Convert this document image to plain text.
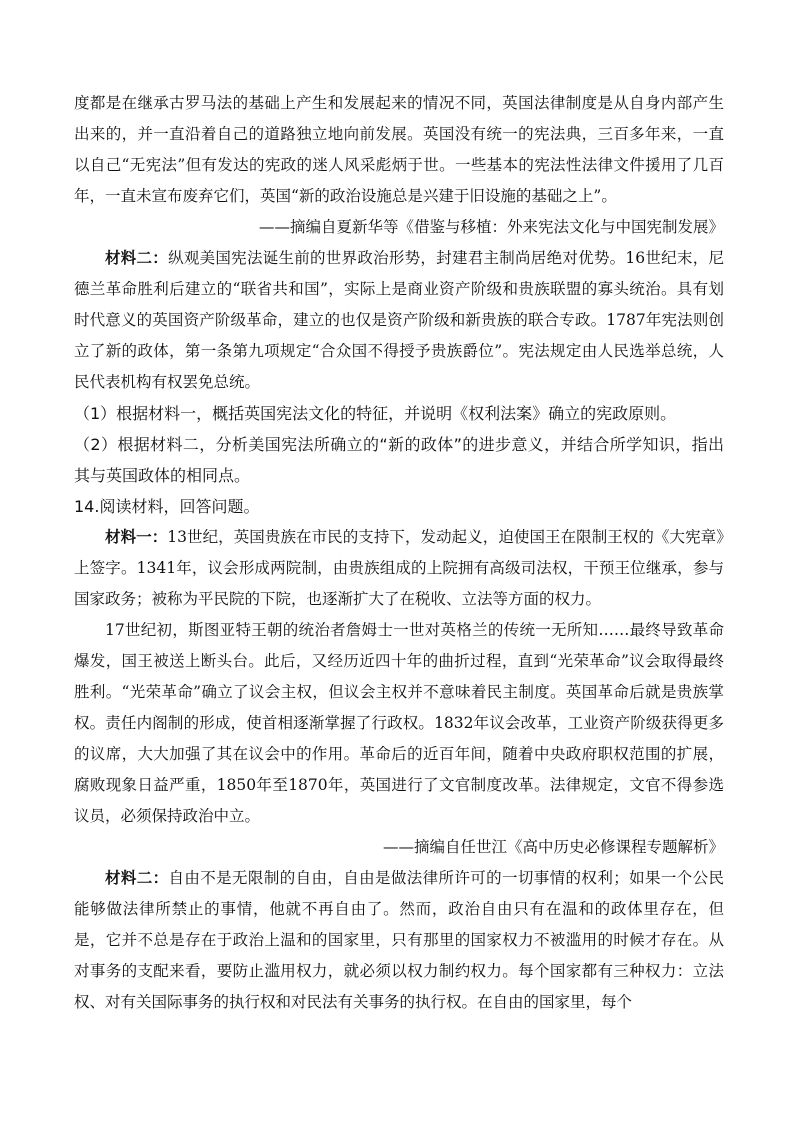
度都是在继承古罗马法的基础上产生和发展起来的情况不同，英国法律制度是从自身内部产生出来的，并一直沿着自己的道路独立地向前发展。英国没有统一的宪法典，三百多年来，一直以自己“无宪法”但有发达的宪政的迷人风采彪炳于世。一些基本的宪法性法律文件援用了几百年，一直未宣布废弃它们，英国“新的政治设施总是兴建于旧设施的基础之上”。

——摘编自夏新华等《借鉴与移植：外来宪法文化与中国宪制发展》

材料二：纵观美国宪法诞生前的世界政治形势，封建君主制尚居绝对优势。16世纪末，尼德兰革命胜利后建立的“联省共和国”，实际上是商业资产阶级和贵族联盟的寡头统治。具有划时代意义的英国资产阶级革命，建立的也仅是资产阶级和新贵族的联合专政。1787年宪法则创立了新的政体，第一条第九项规定“合众国不得授予贵族爵位”。宪法规定由人民选举总统，人民代表机构有权罢免总统。

（1）根据材料一，概括英国宪法文化的特征，并说明《权利法案》确立的宪政原则。

（2）根据材料二，分析美国宪法所确立的“新的政体”的进步意义，并结合所学知识，指出其与英国政体的相同点。

14.阅读材料，回答问题。

材料一：13世纪，英国贵族在市民的支持下，发动起义，迫使国王在限制王权的《大宪章》上签字。1341年，议会形成两院制，由贵族组成的上院拥有高级司法权，干预王位继承，参与国家政务；被称为平民院的下院，也逐渐扩大了在税收、立法等方面的权力。

17世纪初，斯图亚特王朝的统治者詹姆士一世对英格兰的传统一无所知……最终导致革命爆发，国王被送上断头台。此后，又经历近四十年的曲折过程，直到“光荣革命”议会取得最终胜利。“光荣革命”确立了议会主权，但议会主权并不意味着民主制度。英国革命后就是贵族掌权。责任内阁制的形成，使首相逐渐掌握了行政权。1832年议会改革，工业资产阶级获得更多的议席，大大加强了其在议会中的作用。革命后的近百年间，随着中央政府职权范围的扩展，腐败现象日益严重，1850年至1870年，英国进行了文官制度改革。法律规定，文官不得参选议员，必须保持政治中立。

——摘编自任世江《高中历史必修课程专题解析》

材料二：自由不是无限制的自由，自由是做法律所许可的一切事情的权利；如果一个公民能够做法律所禁止的事情，他就不再自由了。然而，政治自由只有在温和的政体里存在，但是，它并不总是存在于政治上温和的国家里，只有那里的国家权力不被滥用的时候才存在。从对事务的支配来看，要防止滥用权力，就必须以权力制约权力。每个国家都有三种权力：立法权、对有关国际事务的执行权和对民法有关事务的执行权。在自由的国家里，每个
